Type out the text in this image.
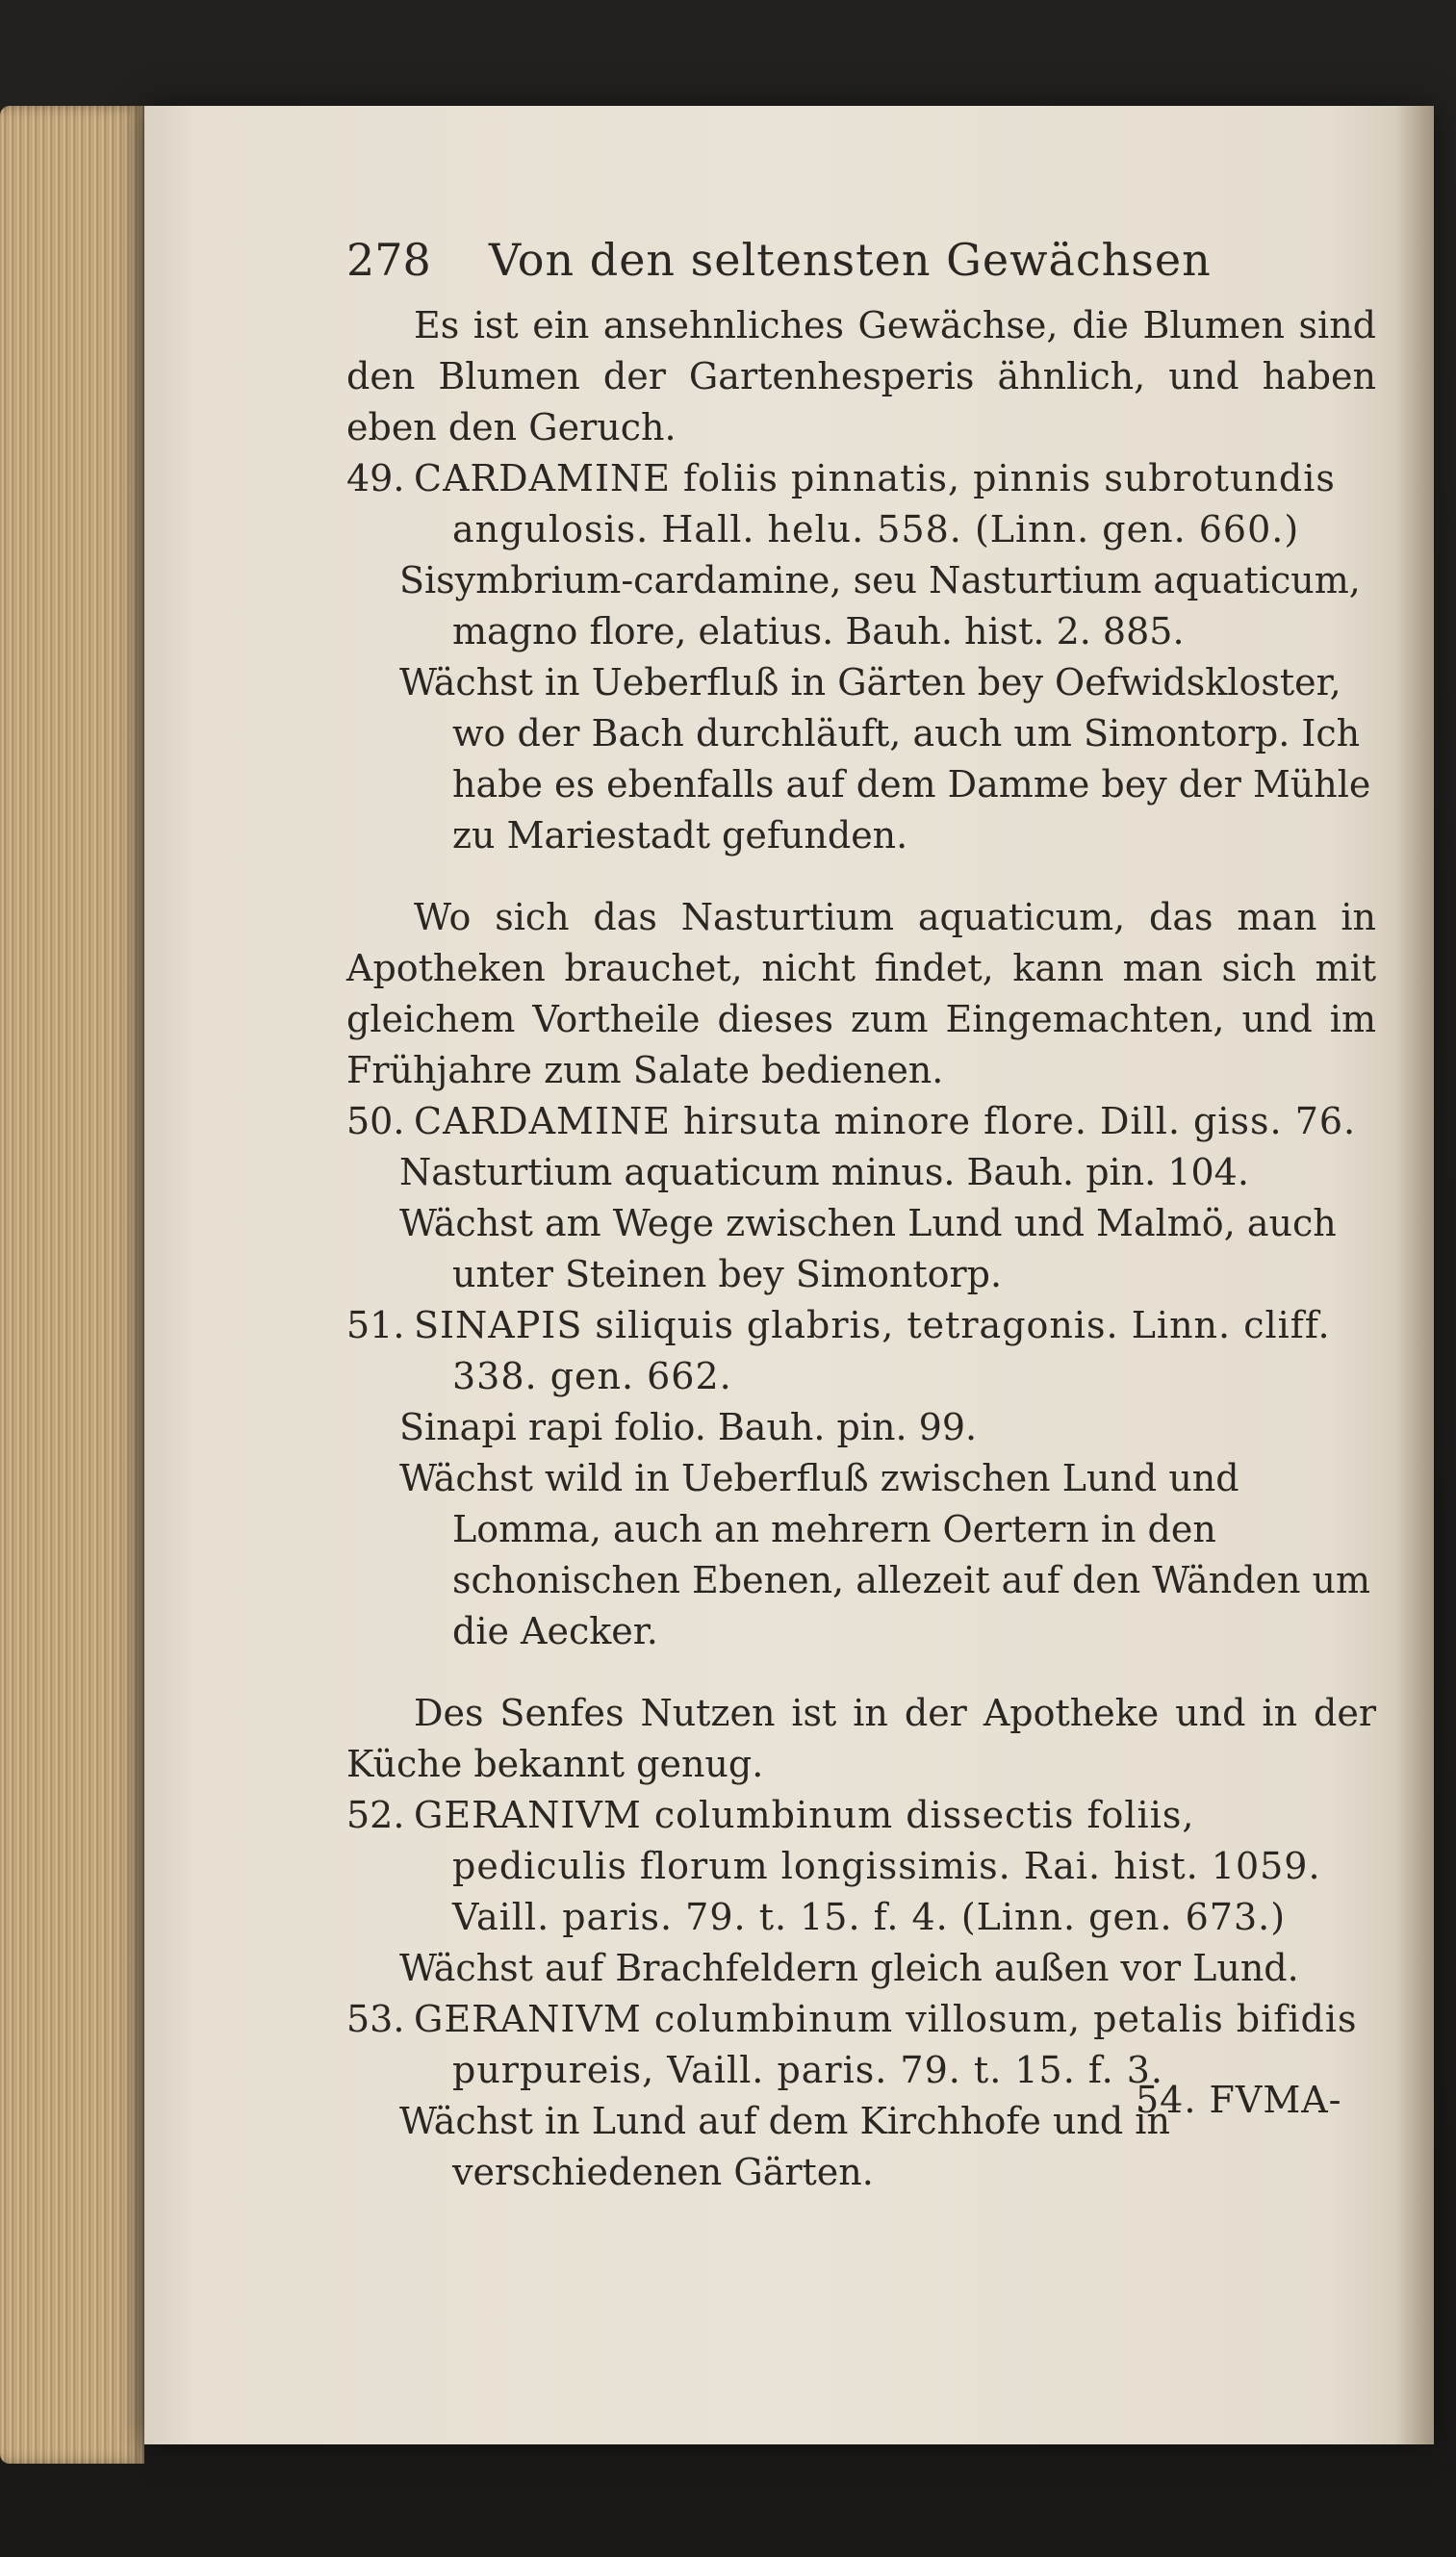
278 Von den seltensten Gewächsen

Es ist ein ansehnliches Gewächse, die Blumen sind den Blumen der Gartenhesperis ähnlich, und haben eben den Geruch.

49. CARDAMINE foliis pinnatis, pinnis subrotundis angulosis. Hall. helu. 558. (Linn. gen. 660.)

Sisymbrium-cardamine, seu Nasturtium aquaticum, magno flore, elatius. Bauh. hist. 2. 885.

Wächst in Ueberfluß in Gärten bey Oefwidskloster, wo der Bach durchläuft, auch um Simontorp. Ich habe es ebenfalls auf dem Damme bey der Mühle zu Mariestadt gefunden.

Wo sich das Nasturtium aquaticum, das man in Apotheken brauchet, nicht findet, kann man sich mit gleichem Vortheile dieses zum Eingemachten, und im Frühjahre zum Salate bedienen.

50. CARDAMINE hirsuta minore flore. Dill. giss. 76.

Nasturtium aquaticum minus. Bauh. pin. 104.

Wächst am Wege zwischen Lund und Malmö, auch unter Steinen bey Simontorp.

51. SINAPIS siliquis glabris, tetragonis. Linn. cliff. 338. gen. 662.

Sinapi rapi folio. Bauh. pin. 99.

Wächst wild in Ueberfluß zwischen Lund und Lomma, auch an mehrern Oertern in den schonischen Ebenen, allezeit auf den Wänden um die Aecker.

Des Senfes Nutzen ist in der Apotheke und in der Küche bekannt genug.

52. GERANIVM columbinum dissectis foliis, pediculis florum longissimis. Rai. hist. 1059. Vaill. paris. 79. t. 15. f. 4. (Linn. gen. 673.)

Wächst auf Brachfeldern gleich außen vor Lund.

53. GERANIVM columbinum villosum, petalis bifidis purpureis, Vaill. paris. 79. t. 15. f. 3.

Wächst in Lund auf dem Kirchhofe und in verschiedenen Gärten.

54. FVMA-
